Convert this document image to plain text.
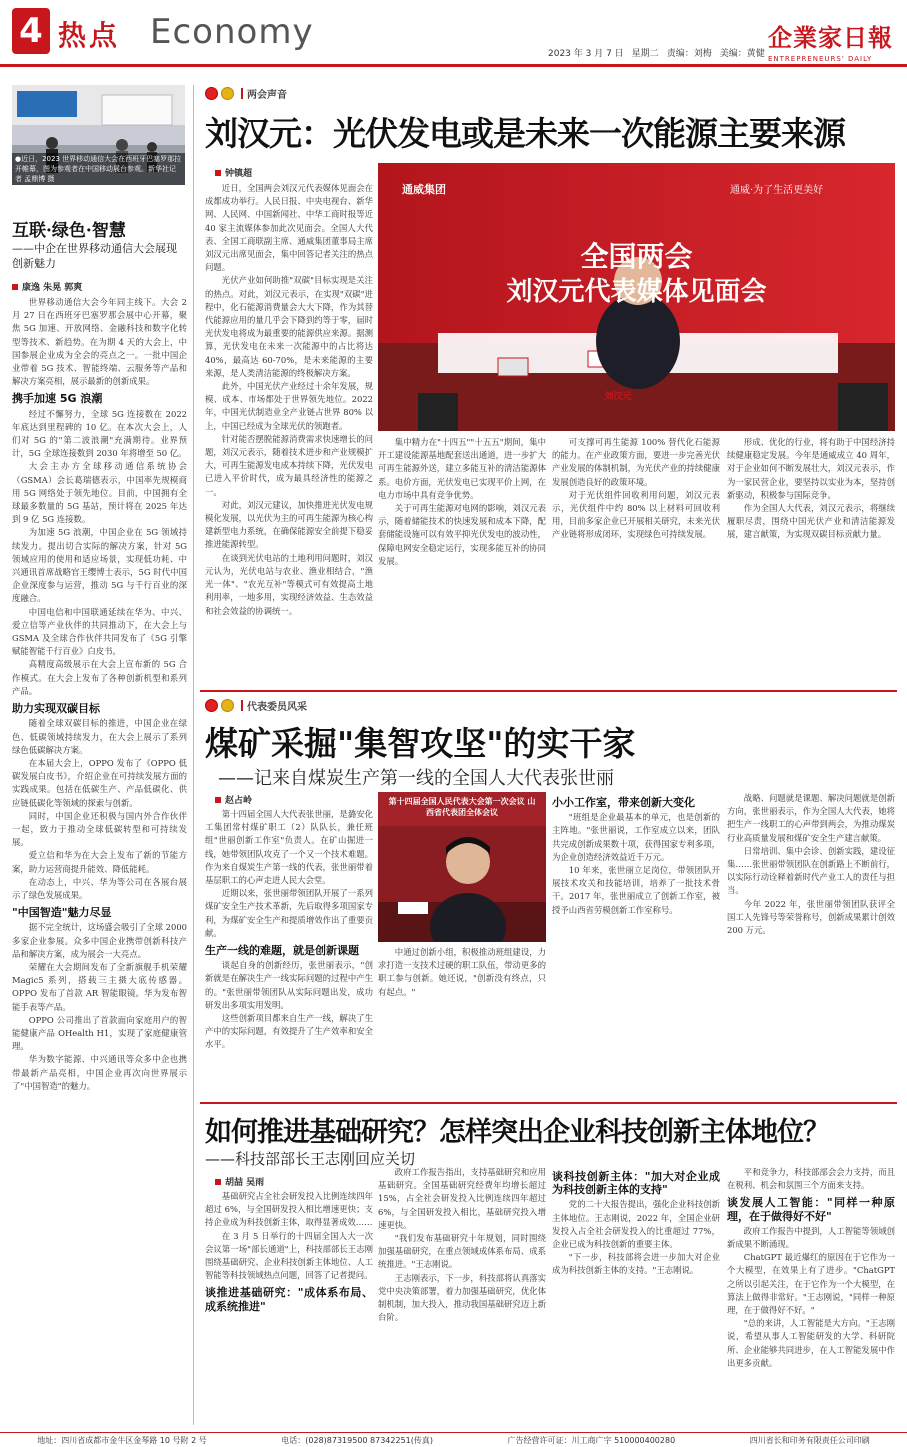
4 热点 Economy
2023 年 3 月 7 日 星期二 责编：刘梅 美编：黄健
企業家日報
ENTREPRENEURS' DAILY
●近日，2023 世界移动通信大会在西班牙巴塞罗那拉开帷幕，图为参观者在中国移动展台参观。新华社记者 孟鼎博 摄
互联·绿色·智慧
——中企在世界移动通信大会展现创新魅力
康逸 朱晃 郭爽

世界移动通信大会今年同主线下。大会 2 月 27 日在西班牙巴塞罗那会展中心开幕，聚焦 5G 加速、开放网络、金融科技和数字化转型等技术、新趋势。在为期 4 天的大会上，中国参展企业成为全会的亮点之一。一批中国企业带着 5G 技术、智能终端、云服务等产品和解决方案亮相，展示最新的创新成果。

携手加速 5G 浪潮

经过不懈努力，全球 5G 连接数在 2022 年底达到里程碑的 10 亿。在本次大会上，人们对 5G 的"第二波浪潮"充满期待。业界预计，5G 全球连接数到 2030 年将增至 50 亿。

大会主办方全球移动通信系统协会（GSMA）会长葛瑞德表示，中国率先规模商用 5G 网络处于领先地位。目前，中国拥有全球最多数量的 5G 基站，预计将在 2025 年达到 9 亿 5G 连接数。

为加速 5G 浪潮，中国企业在 5G 领域持续发力。提出切合实际的解决方案，针对 5G 领域应用的使用和适应场景，实现低功耗、中兴通讯首席战略官王缨博士表示，5G 时代中国企业深度参与运营，推动 5G 与千行百业的深度融合。

中国电信和中国联通延续在华为、中兴、爱立信等产业伙伴的共同推动下，在大会上与 GSMA 及全球合作伙伴共同发布了《5G 引擎赋能智能千行百业》白皮书。

高精度高级展示在大会上宣布新的 5G 合作模式。在大会上发布了各种创新机型和系列产品。

助力实现双碳目标

随着全球双碳目标的推进，中国企业在绿色、低碳领域持续发力，在大会上展示了系列绿色低碳解决方案。

在本届大会上，OPPO 发布了《OPPO 低碳发展白皮书》，介绍企业在可持续发展方面的实践成果。包括在低碳生产、产品低碳化、供应链低碳化等领域的探索与创新。

同时，中国企业还积极与国内外合作伙伴一起，致力于推动全球低碳转型和可持续发展。

爱立信和华为在大会上发布了新的节能方案，助力运营商提升能效、降低能耗。

在动态上，中兴、华为等公司在各展台展示了绿色发展成果。

"中国智造"魅力尽显

据不完全统计，这场盛会吸引了全球 2000 多家企业参展。众多中国企业携带创新科技产品和解决方案，成为展会一大亮点。

荣耀在大会期间发布了全新旗舰手机荣耀 Magic5 系列，搭载三主摄大底传感器。OPPO 发布了首款 AR 智能眼镜。华为发布智能手表等产品。

OPPO 公司推出了首款面向家庭用户的智能健康产品 OHealth H1，实现了家庭健康管理。

华为数字能源、中兴通讯等众多中企也携带最新产品亮相，中国企业再次向世界展示了"中国智造"的魅力。

两会声音
刘汉元：光伏发电或是未来一次能源主要来源
钟镇超

近日，全国两会刘汉元代表媒体见面会在成都成功举行。人民日报、中央电视台、新华网、人民网、中国新闻社、中华工商时报等近 40 家主流媒体参加此次见面会。全国人大代表、全国工商联副主席、通威集团董事局主席刘汉元出席见面会，集中回答记者关注的热点问题。

光伏产业如何助推"双碳"目标实现是关注的热点。对此，刘汉元表示，在实现"双碳"进程中，化石能源消费量会大大下降，作为其替代能源应用的量几乎会下降到约等于零，届时光伏发电将成为最重要的能源供应来源。据测算，光伏发电在未来一次能源中的占比将达 40%，最高达 60-70%，是未来能源的主要来源，是人类清洁能源的终极解决方案。

此外，中国光伏产业经过十余年发展，规模、成本、市场都处于世界领先地位。2022 年，中国光伏制造业全产业链占世界 80% 以上，中国已经成为全球光伏的领跑者。

针对能否摆脱能源消费需求快速增长的问题，刘汉元表示，随着技术进步和产业规模扩大，可再生能源发电成本持续下降，光伏发电已进入平价时代，成为最具经济性的能源之一。

对此，刘汉元建议，加快推进光伏发电规模化发展，以光伏为主的可再生能源为核心构建新型电力系统，在确保能源安全前提下稳妥推进能源转型。

在谈到光伏电站的土地利用问题时，刘汉元认为，光伏电站与农业、渔业相结合，"渔光一体"、"农光互补"等模式可有效提高土地利用率，一地多用，实现经济效益、生态效益和社会效益的协调统一。

通威集团	通威·为了生活更美好
全国两会
刘汉元代表媒体见面会
刘汉元

集中精力在"十四五""十五五"期间，集中开工建设能源基地配套送出通道，进一步扩大可再生能源外送，建立多能互补的清洁能源体系。电价方面，光伏发电已实现平价上网，在电力市场中具有竞争优势。

关于可再生能源对电网的影响，刘汉元表示，随着储能技术的快速发展和成本下降，配套储能设施可以有效平抑光伏发电的波动性，保障电网安全稳定运行，实现多能互补的协同发展。

可支撑可再生能源 100% 替代化石能源的能力。在产业政策方面，要进一步完善光伏产业发展的体制机制，为光伏产业的持续健康发展创造良好的政策环境。

对于光伏组件回收利用问题，刘汉元表示，光伏组件中约 80% 以上材料可回收利用，目前多家企业已开展相关研究，未来光伏产业链将形成闭环，实现绿色可持续发展。

形成、优化的行业，将有助于中国经济持续健康稳定发展。今年是通威成立 40 周年，对于企业如何不断发展壮大，刘汉元表示，作为一家民营企业，要坚持以实业为本，坚持创新驱动，积极参与国际竞争。

作为全国人大代表，刘汉元表示，将继续履职尽责，围绕中国光伏产业和清洁能源发展，建言献策，为实现双碳目标贡献力量。

代表委员风采
煤矿采掘"集智攻坚"的实干家
——记来自煤炭生产第一线的全国人大代表张世丽
赵占岭

第十四届全国人大代表张世丽，是潞安化工集团常村煤矿职工（2）队队长，兼任班组"世丽创新工作室"负责人。在矿山掘进一线，她带领团队攻克了一个又一个技术难题。作为来自煤炭生产第一线的代表，张世丽带着基层职工的心声走进人民大会堂。

近期以来，张世丽带领团队开展了一系列煤矿安全生产技术革新，先后取得多项国家专利，为煤矿安全生产和提质增效作出了重要贡献。

生产一线的难题，就是创新课题

谈起自身的创新经历，张世丽表示，"创新就是在解决生产一线实际问题的过程中产生的。"张世丽带领团队从实际问题出发，成功研发出多项实用发明。

这些创新项目都来自生产一线，解决了生产中的实际问题，有效提升了生产效率和安全水平。

第十四届全国人民代表大会第一次会议 山西省代表团全体会议

中通过创新小组，积极推动班组建设，力求打造一支技术过硬的职工队伍，带动更多的职工参与创新。她还说，"创新没有终点，只有起点。"

小小工作室，带来创新大变化

"班组是企业最基本的单元，也是创新的主阵地。"张世丽说，工作室成立以来，团队共完成创新成果数十项，获得国家专利多项，为企业创造经济效益近千万元。

10 年来，张世丽立足岗位，带领团队开展技术攻关和技能培训，培养了一批技术骨干。2017 年，张世丽成立了创新工作室，被授予山西省劳模创新工作室称号。

战略、问题就是课题、解决问题就是创新方向，张世丽表示，作为全国人大代表，她将把生产一线职工的心声带到两会，为推动煤炭行业高质量发展和煤矿安全生产建言献策。

日常培训、集中会诊、创新实践，建设征集……张世丽带领团队在创新路上不断前行，以实际行动诠释着新时代产业工人的责任与担当。

今年 2022 年，张世丽带领团队获评全国工人先锋号等荣誉称号，创新成果累计创效 200 万元。

如何推进基础研究？怎样突出企业科技创新主体地位？
——科技部部长王志刚回应关切
胡喆 吴雨

基础研究占全社会研发投入比例连续四年超过 6%，与全国研发投入相比增速更快；支持企业成为科技创新主体，取得显著成效……

在 3 月 5 日举行的十四届全国人大一次会议第一场"部长通道"上，科技部部长王志刚围绕基础研究、企业科技创新主体地位、人工智能等科技领域热点问题，回答了记者提问。

谈推进基础研究："成体系布局、成系统推进"

政府工作报告指出，支持基础研究和应用基础研究。全国基础研究经费年均增长超过 15%，占全社会研发投入比例连续四年超过 6%，与全国研发投入相比，基础研究投入增速更快。

"我们发布基础研究十年规划，同时围绕加强基础研究，在重点领域成体系布局、成系统推进。"王志刚说。

王志刚表示，下一步，科技部将认真落实党中央决策部署，着力加强基础研究，优化体制机制，加大投入，推动我国基础研究迈上新台阶。

谈科技创新主体："加大对企业成为科技创新主体的支持"

党的二十大报告提出，强化企业科技创新主体地位。王志刚说，2022 年，全国企业研发投入占全社会研发投入的比重超过 77%，企业已成为科技创新的重要主体。

"下一步，科技部将会进一步加大对企业成为科技创新主体的支持。"王志刚说。

平和竞争力，科技部部会会力支持，而且在税利、机会和氛围三个方面来支持。

谈发展人工智能："同样一种原理，在于做得好不好"

政府工作报告中提到，人工智能等领域创新成果不断涌现。

ChatGPT 最近爆红的原因在于它作为一个大模型，在效果上有了进步。"ChatGPT 之所以引起关注，在于它作为一个大模型，在算法上做得非常好。"王志刚说，"同样一种原理，在于做得好不好。"

"总的来讲，人工智能是大方向。"王志刚说，希望从事人工智能研发的大学、科研院所、企业能够共同进步，在人工智能发展中作出更多贡献。

地址：四川省成都市金牛区金琴路 10 号附 2 号	电话：(028)87319500 87342251(传真)	广告经营许可证：川工商广字 510000400280	四川省长和印务有限责任公司印刷
